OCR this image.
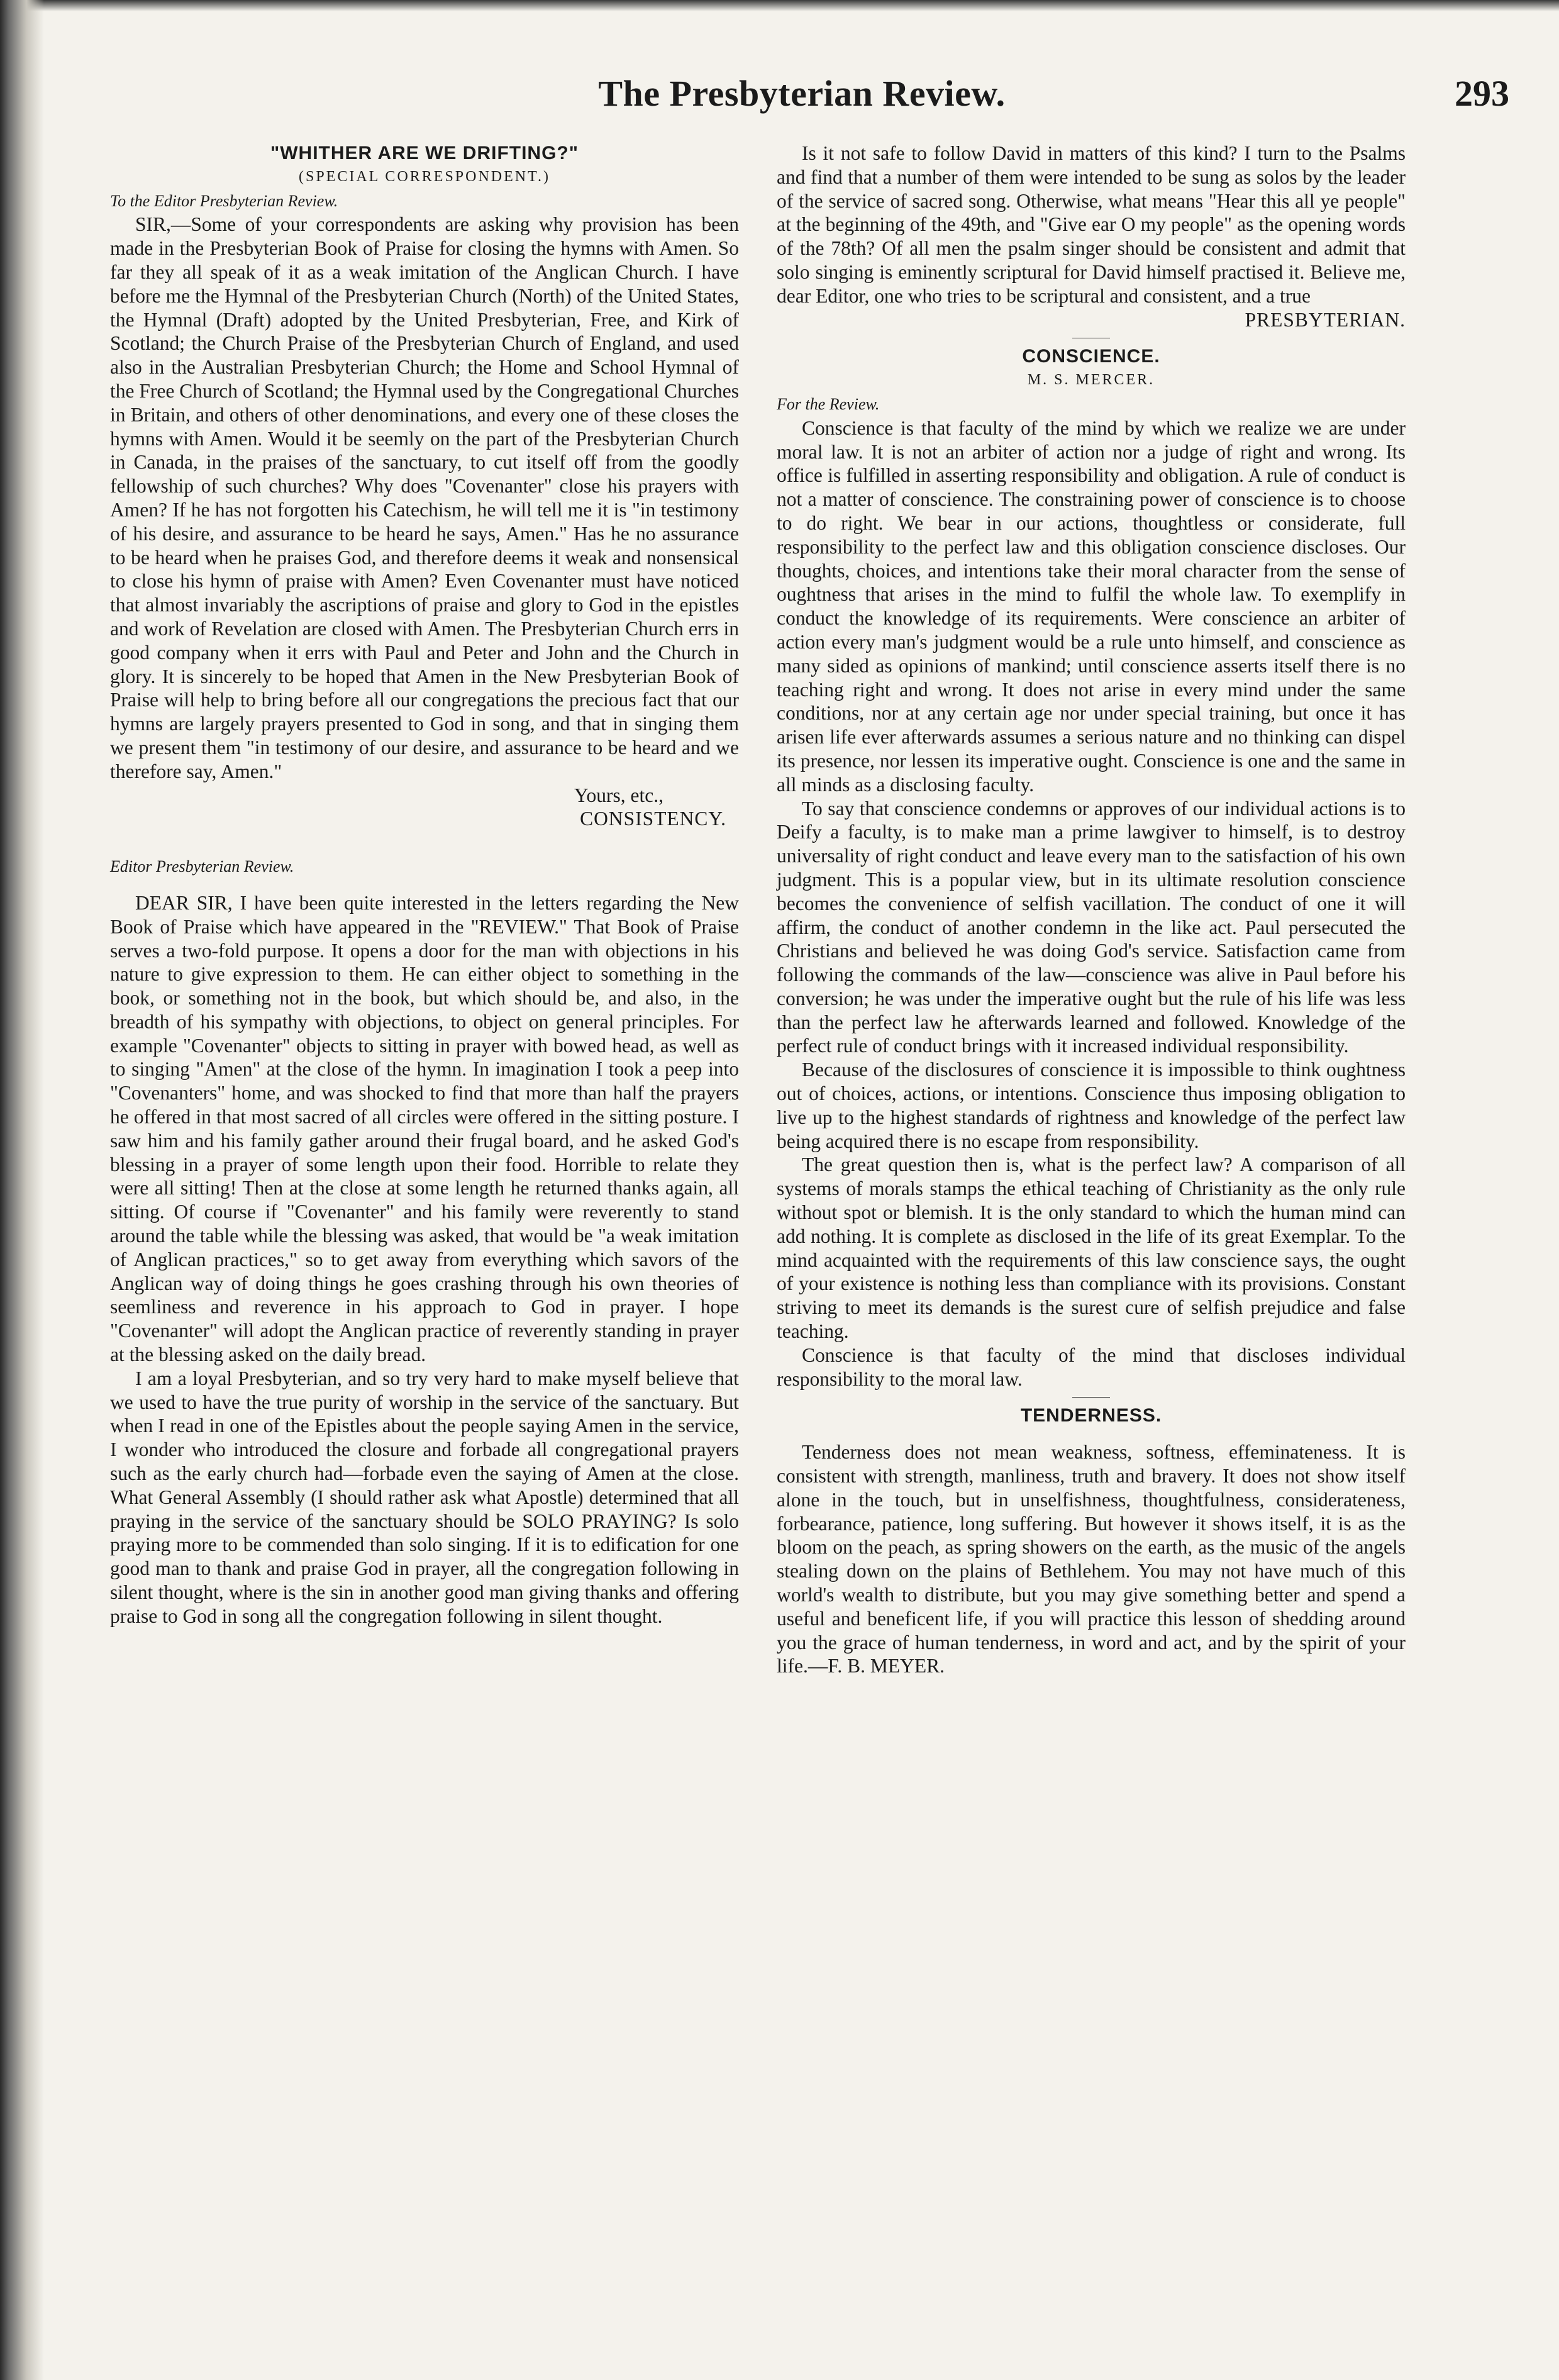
The Presbyterian Review.	293
"WHITHER ARE WE DRIFTING?"
(SPECIAL CORRESPONDENT.)
To the Editor Presbyterian Review.

SIR,—Some of your correspondents are asking why provision has been made in the Presbyterian Book of Praise for closing the hymns with Amen. So far they all speak of it as a weak imitation of the Anglican Church. I have before me the Hymnal of the Presbyterian Church (North) of the United States, the Hymnal (Draft) adopted by the United Presbyterian, Free, and Kirk of Scotland; the Church Praise of the Presbyterian Church of England, and used also in the Australian Presbyterian Church; the Home and School Hymnal of the Free Church of Scotland; the Hymnal used by the Congregational Churches in Britain, and others of other denominations, and every one of these closes the hymns with Amen. Would it be seemly on the part of the Presbyterian Church in Canada, in the praises of the sanctuary, to cut itself off from the goodly fellowship of such churches? Why does "Covenanter" close his prayers with Amen? If he has not forgotten his Catechism, he will tell me it is "in testimony of his desire, and assurance to be heard he says, Amen." Has he no assurance to be heard when he praises God, and therefore deems it weak and nonsensical to close his hymn of praise with Amen? Even Covenanter must have noticed that almost invariably the ascriptions of praise and glory to God in the epistles and work of Revelation are closed with Amen. The Presbyterian Church errs in good company when it errs with Paul and Peter and John and the Church in glory. It is sincerely to be hoped that Amen in the New Presbyterian Book of Praise will help to bring before all our congregations the precious fact that our hymns are largely prayers presented to God in song, and that in singing them we present them "in testimony of our desire, and assurance to be heard and we therefore say, Amen."

Yours, etc.,
CONSISTENCY.
Editor Presbyterian Review.

DEAR SIR, I have been quite interested in the letters regarding the New Book of Praise which have appeared in the "REVIEW." That Book of Praise serves a two-fold purpose. It opens a door for the man with objections in his nature to give expression to them. He can either object to something in the book, or something not in the book, but which should be, and also, in the breadth of his sympathy with objections, to object on general principles. For example "Covenanter" objects to sitting in prayer with bowed head, as well as to singing "Amen" at the close of the hymn. In imagination I took a peep into "Covenanters" home, and was shocked to find that more than half the prayers he offered in that most sacred of all circles were offered in the sitting posture. I saw him and his family gather around their frugal board, and he asked God's blessing in a prayer of some length upon their food. Horrible to relate they were all sitting! Then at the close at some length he returned thanks again, all sitting. Of course if "Covenanter" and his family were reverently to stand around the table while the blessing was asked, that would be "a weak imitation of Anglican practices," so to get away from everything which savors of the Anglican way of doing things he goes crashing through his own theories of seemliness and reverence in his approach to God in prayer. I hope "Covenanter" will adopt the Anglican practice of reverently standing in prayer at the blessing asked on the daily bread.

I am a loyal Presbyterian, and so try very hard to make myself believe that we used to have the true purity of worship in the service of the sanctuary. But when I read in one of the Epistles about the people saying Amen in the service, I wonder who introduced the closure and forbade all congregational prayers such as the early church had—forbade even the saying of Amen at the close. What General Assembly (I should rather ask what Apostle) determined that all praying in the service of the sanctuary should be SOLO PRAYING? Is solo praying more to be commended than solo singing. If it is to edification for one good man to thank and praise God in prayer, all the congregation following in silent thought, where is the sin in another good man giving thanks and offering praise to God in song all the congregation following in silent thought.

Is it not safe to follow David in matters of this kind? I turn to the Psalms and find that a number of them were intended to be sung as solos by the leader of the service of sacred song. Otherwise, what means "Hear this all ye people" at the beginning of the 49th, and "Give ear O my people" as the opening words of the 78th? Of all men the psalm singer should be consistent and admit that solo singing is eminently scriptural for David himself practised it. Believe me, dear Editor, one who tries to be scriptural and consistent, and a true

PRESBYTERIAN.
CONSCIENCE.
M. S. MERCER.
For the Review.

Conscience is that faculty of the mind by which we realize we are under moral law. It is not an arbiter of action nor a judge of right and wrong. Its office is fulfilled in asserting responsibility and obligation. A rule of conduct is not a matter of conscience. The constraining power of conscience is to choose to do right. We bear in our actions, thoughtless or considerate, full responsibility to the perfect law and this obligation conscience discloses. Our thoughts, choices, and intentions take their moral character from the sense of oughtness that arises in the mind to fulfil the whole law. To exemplify in conduct the knowledge of its requirements. Were conscience an arbiter of action every man's judgment would be a rule unto himself, and conscience as many sided as opinions of mankind; until conscience asserts itself there is no teaching right and wrong. It does not arise in every mind under the same conditions, nor at any certain age nor under special training, but once it has arisen life ever afterwards assumes a serious nature and no thinking can dispel its presence, nor lessen its imperative ought. Conscience is one and the same in all minds as a disclosing faculty.

To say that conscience condemns or approves of our individual actions is to Deify a faculty, is to make man a prime lawgiver to himself, is to destroy universality of right conduct and leave every man to the satisfaction of his own judgment. This is a popular view, but in its ultimate resolution conscience becomes the convenience of selfish vacillation. The conduct of one it will affirm, the conduct of another condemn in the like act. Paul persecuted the Christians and believed he was doing God's service. Satisfaction came from following the commands of the law—conscience was alive in Paul before his conversion; he was under the imperative ought but the rule of his life was less than the perfect law he afterwards learned and followed. Knowledge of the perfect rule of conduct brings with it increased individual responsibility.

Because of the disclosures of conscience it is impossible to think oughtness out of choices, actions, or intentions. Conscience thus imposing obligation to live up to the highest standards of rightness and knowledge of the perfect law being acquired there is no escape from responsibility.

The great question then is, what is the perfect law? A comparison of all systems of morals stamps the ethical teaching of Christianity as the only rule without spot or blemish. It is the only standard to which the human mind can add nothing. It is complete as disclosed in the life of its great Exemplar. To the mind acquainted with the requirements of this law conscience says, the ought of your existence is nothing less than compliance with its provisions. Constant striving to meet its demands is the surest cure of selfish prejudice and false teaching.

Conscience is that faculty of the mind that discloses individual responsibility to the moral law.

TENDERNESS.

Tenderness does not mean weakness, softness, effeminateness. It is consistent with strength, manliness, truth and bravery. It does not show itself alone in the touch, but in unselfishness, thoughtfulness, considerateness, forbearance, patience, long suffering. But however it shows itself, it is as the bloom on the peach, as spring showers on the earth, as the music of the angels stealing down on the plains of Bethlehem. You may not have much of this world's wealth to distribute, but you may give something better and spend a useful and beneficent life, if you will practice this lesson of shedding around you the grace of human tenderness, in word and act, and by the spirit of your life.—F. B. MEYER.
